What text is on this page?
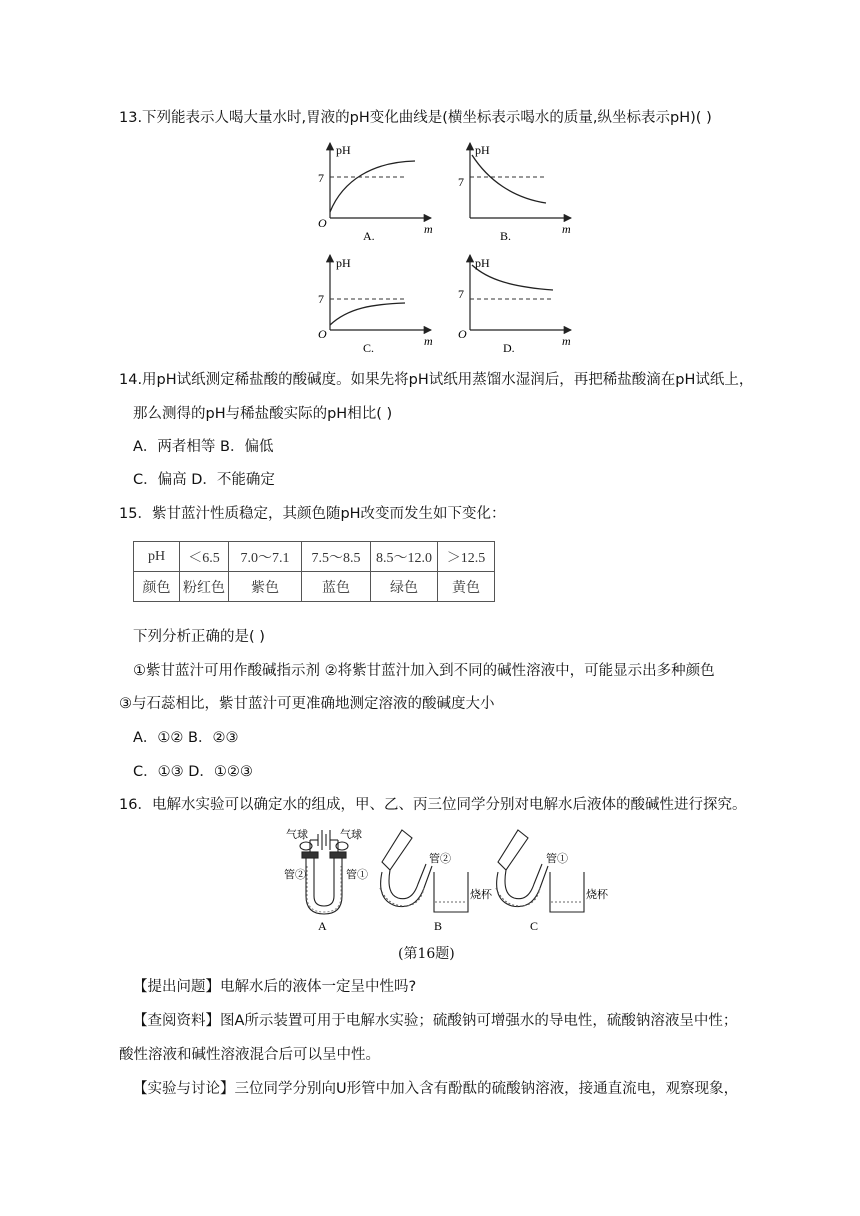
13.下列能表示人喝大量水时,胃液的pH变化曲线是(横坐标表示喝水的质量,纵坐标表示pH)( )
pH
7
O	m
A.
pH
7
m
B.
pH
7
O	m
C.
pH
7
O	m
D.
14.用pH试纸测定稀盐酸的酸碱度。如果先将pH试纸用蒸馏水湿润后，再把稀盐酸滴在pH试纸上，
那么测得的pH与稀盐酸实际的pH相比( )
A．两者相等 B．偏低
C．偏高 D．不能确定
15．紫甘蓝汁性质稳定，其颜色随pH改变而发生如下变化：
pH	＜6.5	7.0～7.1	7.5～8.5	8.5～12.0	＞12.5
颜色	粉红色	紫色	蓝色	绿色	黄色
下列分析正确的是( )
①紫甘蓝汁可用作酸碱指示剂 ②将紫甘蓝汁加入到不同的碱性溶液中，可能显示出多种颜色
③与石蕊相比，紫甘蓝汁可更准确地测定溶液的酸碱度大小
A．①② B．②③
C．①③ D．①②③
16．电解水实验可以确定水的组成，甲、乙、丙三位同学分别对电解水后液体的酸碱性进行探究。
气球	气球
管②	管①
A
管②
烧杯
B
管①
烧杯
C
(第16题)
【提出问题】电解水后的液体一定呈中性吗?
【查阅资料】图A所示装置可用于电解水实验；硫酸钠可增强水的导电性，硫酸钠溶液呈中性；
酸性溶液和碱性溶液混合后可以呈中性。
【实验与讨论】三位同学分别向U形管中加入含有酚酞的硫酸钠溶液，接通直流电，观察现象，
